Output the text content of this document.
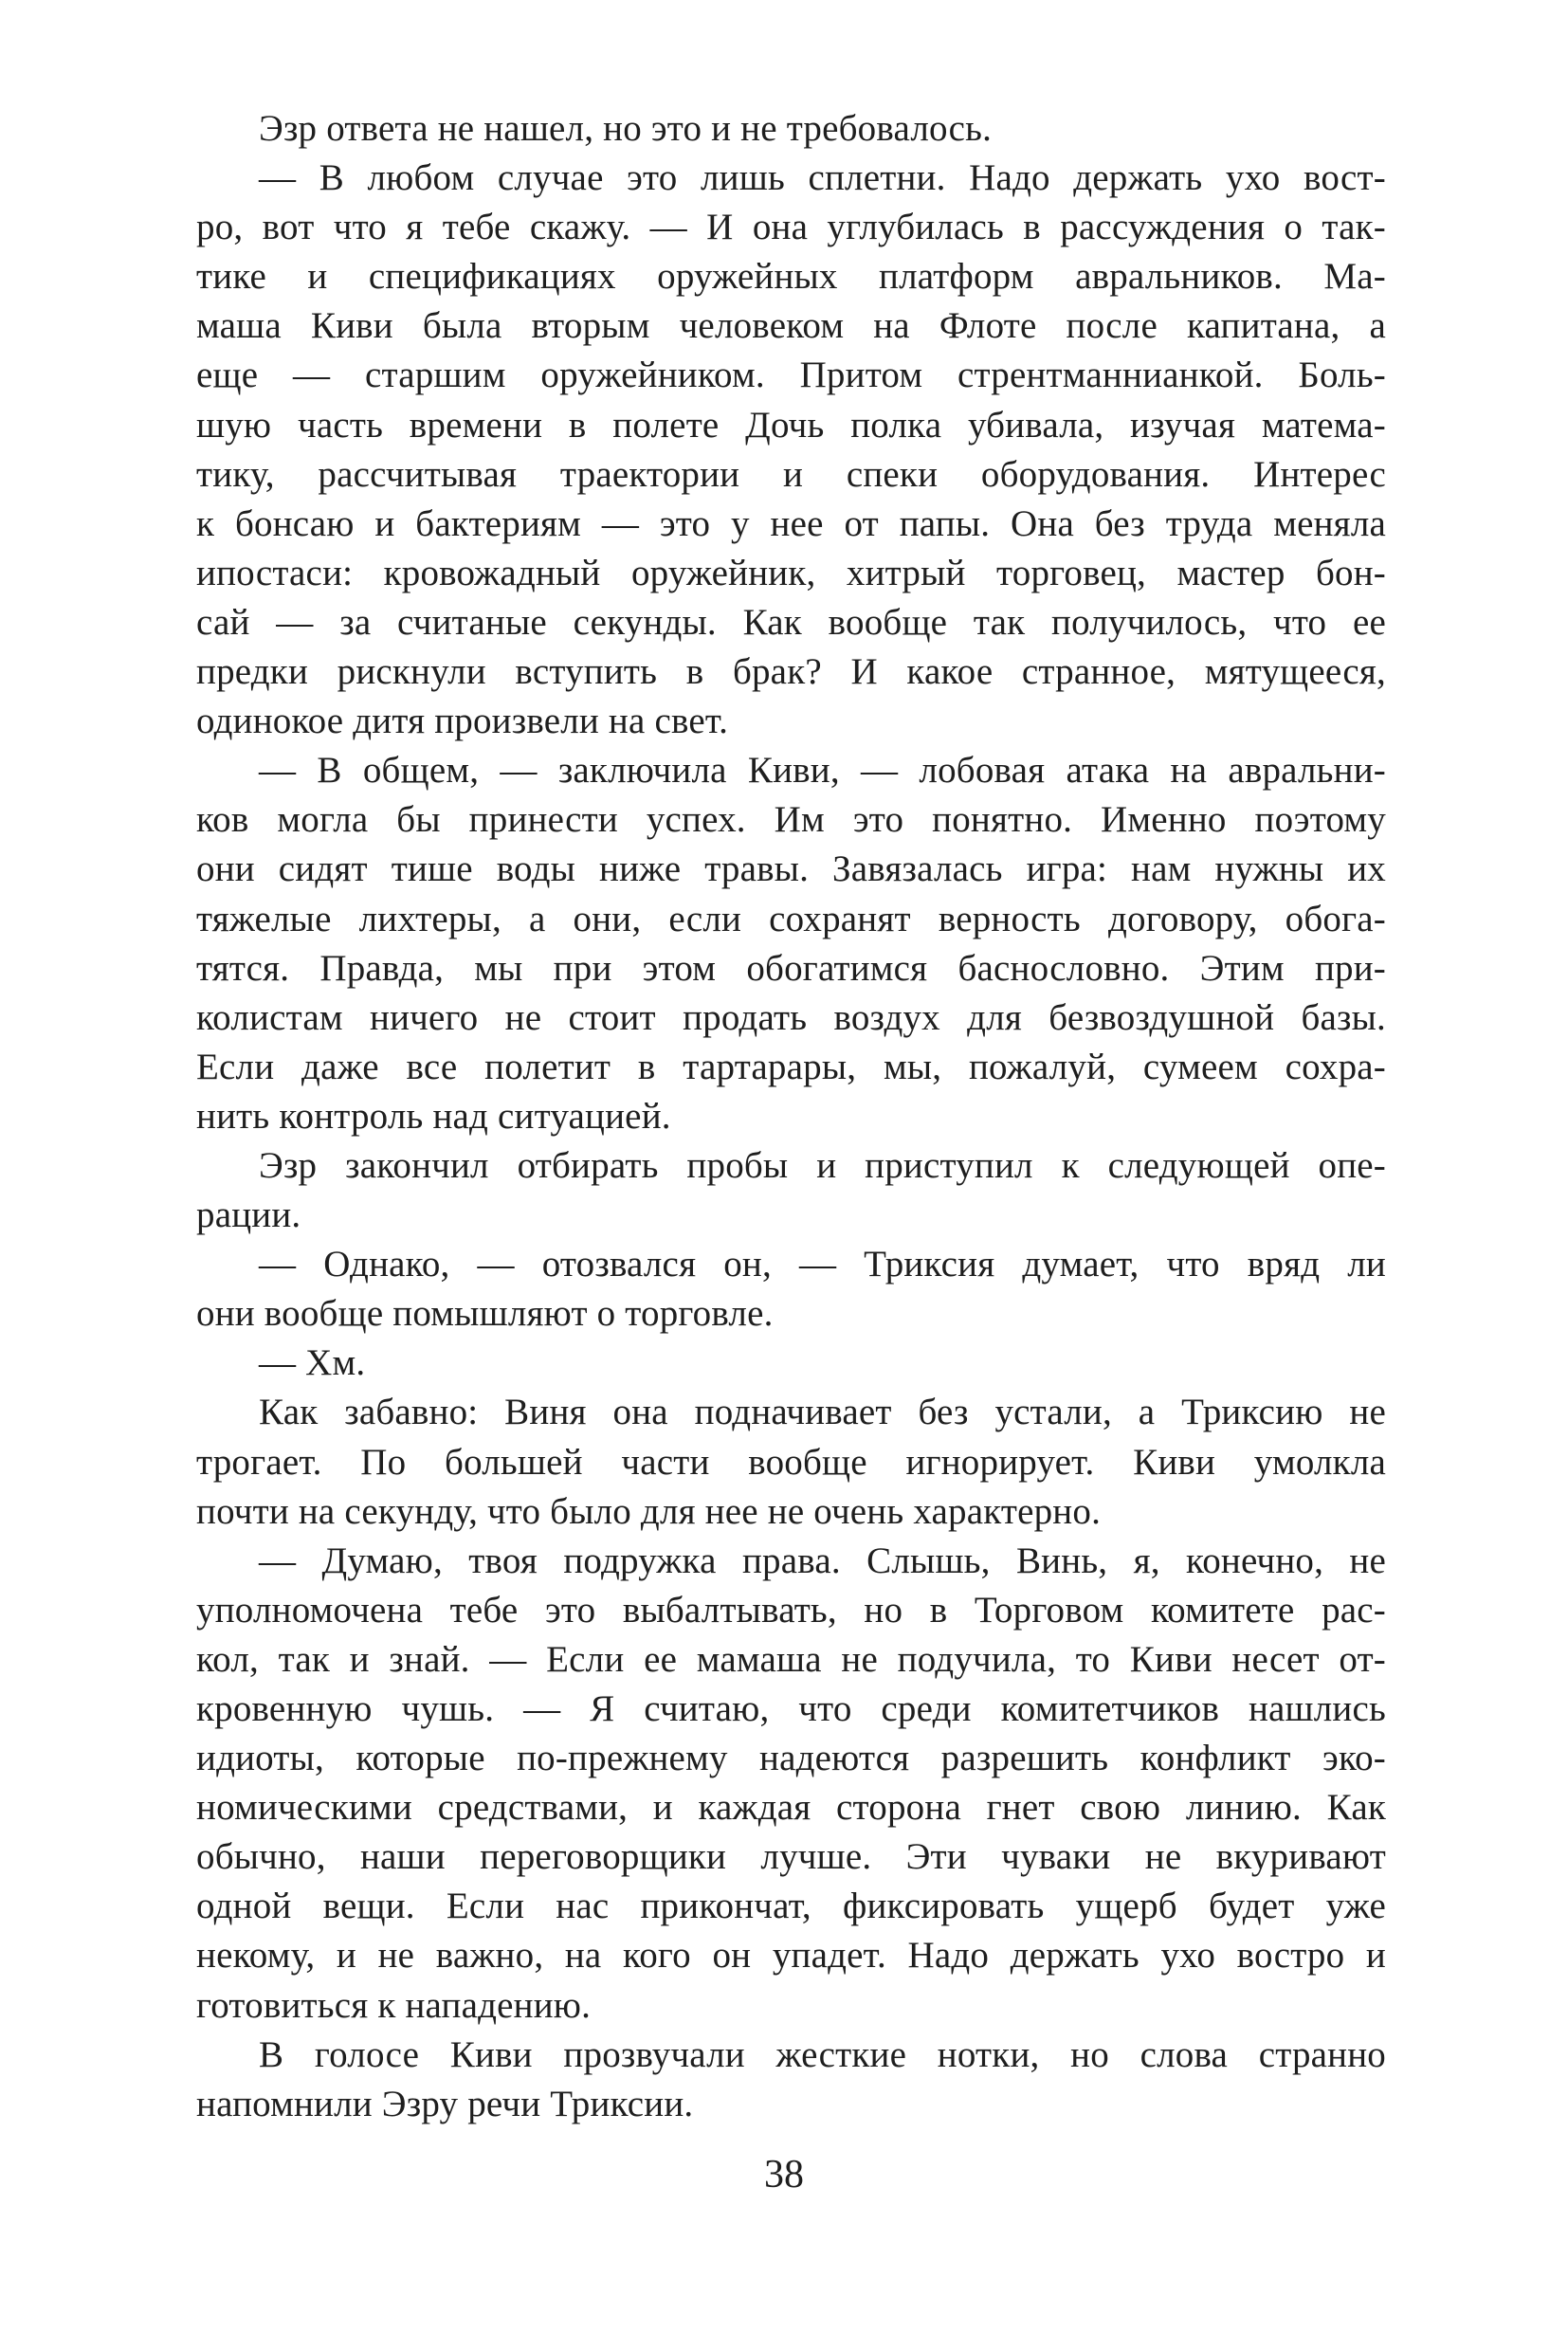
Эзр ответа не нашел, но это и не требовалось.
— В любом случае это лишь сплетни. Надо держать ухо вост-
ро, вот что я тебе скажу. — И она углубилась в рассуждения о так-
тике и спецификациях оружейных платформ авральников. Ма-
маша Киви была вторым человеком на Флоте после капитана, а
еще — старшим оружейником. Притом стрентманнианкой. Боль-
шую часть времени в полете Дочь полка убивала, изучая матема-
тику, рассчитывая траектории и спеки оборудования. Интерес
к бонсаю и бактериям — это у нее от папы. Она без труда меняла
ипостаси: кровожадный оружейник, хитрый торговец, мастер бон-
сай — за считаные секунды. Как вообще так получилось, что ее
предки рискнули вступить в брак? И какое странное, мятущееся,
одинокое дитя произвели на свет.
— В общем, — заключила Киви, — лобовая атака на авральни-
ков могла бы принести успех. Им это понятно. Именно поэтому
они сидят тише воды ниже травы. Завязалась игра: нам нужны их
тяжелые лихтеры, а они, если сохранят верность договору, обога-
тятся. Правда, мы при этом обогатимся баснословно. Этим при-
колистам ничего не стоит продать воздух для безвоздушной базы.
Если даже все полетит в тартарары, мы, пожалуй, сумеем сохра-
нить контроль над ситуацией.
Эзр закончил отбирать пробы и приступил к следующей опе-
рации.
— Однако, — отозвался он, — Триксия думает, что вряд ли
они вообще помышляют о торговле.
— Хм.
Как забавно: Виня она подначивает без устали, а Триксию не
трогает. По большей части вообще игнорирует. Киви умолкла
почти на секунду, что было для нее не очень характерно.
— Думаю, твоя подружка права. Слышь, Винь, я, конечно, не
уполномочена тебе это выбалтывать, но в Торговом комитете рас-
кол, так и знай. — Если ее мамаша не подучила, то Киви несет от-
кровенную чушь. — Я считаю, что среди комитетчиков нашлись
идиоты, которые по-прежнему надеются разрешить конфликт эко-
номическими средствами, и каждая сторона гнет свою линию. Как
обычно, наши переговорщики лучше. Эти чуваки не вкуривают
одной вещи. Если нас прикончат, фиксировать ущерб будет уже
некому, и не важно, на кого он упадет. Надо держать ухо востро и
готовиться к нападению.
В голосе Киви прозвучали жесткие нотки, но слова странно
напомнили Эзру речи Триксии.
38
